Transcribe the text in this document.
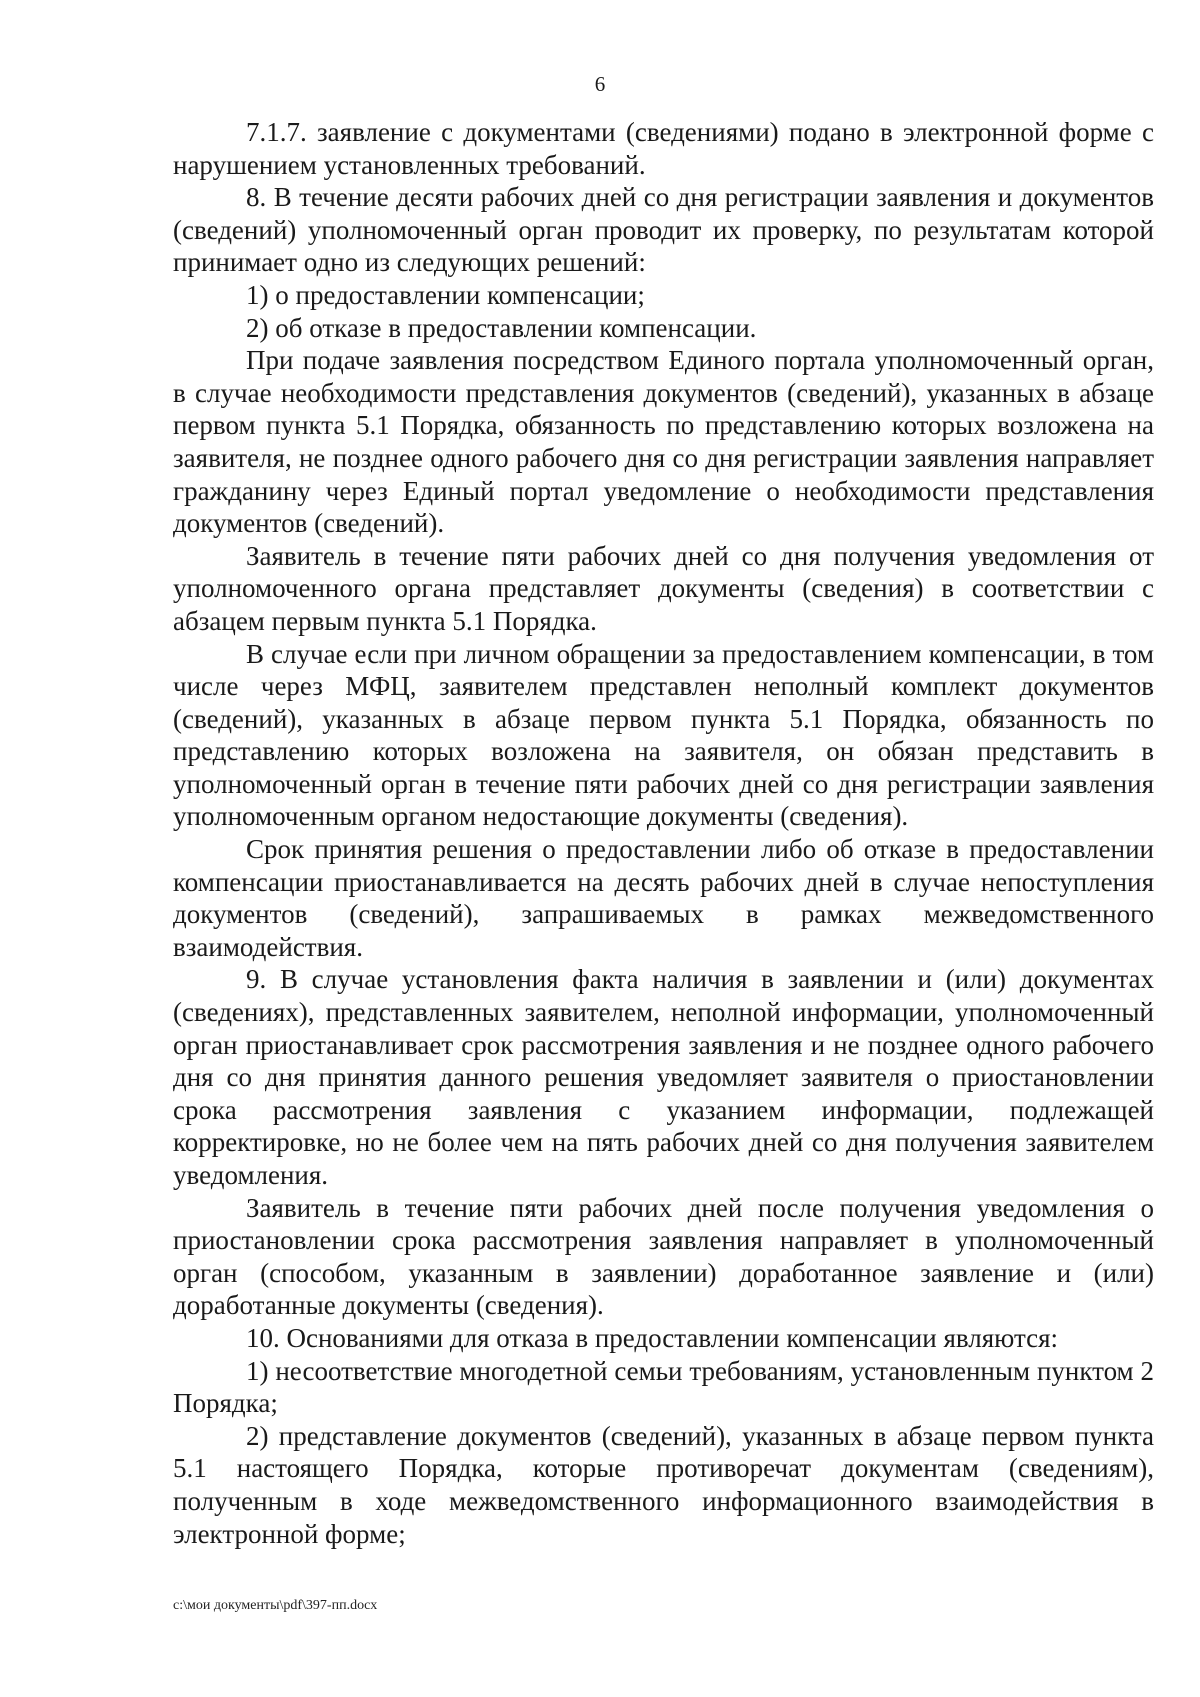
6

7.1.7. заявление с документами (сведениями) подано в электронной форме с нарушением установленных требований.

8. В течение десяти рабочих дней со дня регистрации заявления и документов (сведений) уполномоченный орган проводит их проверку, по результатам которой принимает одно из следующих решений:

1) о предоставлении компенсации;

2) об отказе в предоставлении компенсации.

При подаче заявления посредством Единого портала уполномоченный орган, в случае необходимости представления документов (сведений), указанных в абзаце первом пункта 5.1 Порядка, обязанность по представлению которых возложена на заявителя, не позднее одного рабочего дня со дня регистрации заявления направляет гражданину через Единый портал уведомление о необходимости представления документов (сведений).

Заявитель в течение пяти рабочих дней со дня получения уведомления от уполномоченного органа представляет документы (сведения) в соответствии с абзацем первым пункта 5.1 Порядка.

В случае если при личном обращении за предоставлением компенсации, в том числе через МФЦ, заявителем представлен неполный комплект документов (сведений), указанных в абзаце первом пункта 5.1 Порядка, обязанность по представлению которых возложена на заявителя, он обязан представить в уполномоченный орган в течение пяти рабочих дней со дня регистрации заявления уполномоченным органом недостающие документы (сведения).

Срок принятия решения о предоставлении либо об отказе в предоставлении компенсации приостанавливается на десять рабочих дней в случае непоступления документов (сведений), запрашиваемых в рамках межведомственного взаимодействия.

9. В случае установления факта наличия в заявлении и (или) документах (сведениях), представленных заявителем, неполной информации, уполномоченный орган приостанавливает срок рассмотрения заявления и не позднее одного рабочего дня со дня принятия данного решения уведомляет заявителя о приостановлении срока рассмотрения заявления с указанием информации, подлежащей корректировке, но не более чем на пять рабочих дней со дня получения заявителем уведомления.

Заявитель в течение пяти рабочих дней после получения уведомления о приостановлении срока рассмотрения заявления направляет в уполномоченный орган (способом, указанным в заявлении) доработанное заявление и (или) доработанные документы (сведения).

10. Основаниями для отказа в предоставлении компенсации являются:

1) несоответствие многодетной семьи требованиям, установленным пунктом 2 Порядка;

2) представление документов (сведений), указанных в абзаце первом пункта 5.1 настоящего Порядка, которые противоречат документам (сведениям), полученным в ходе межведомственного информационного взаимодействия в электронной форме;

c:\мои документы\pdf\397-пп.docx
